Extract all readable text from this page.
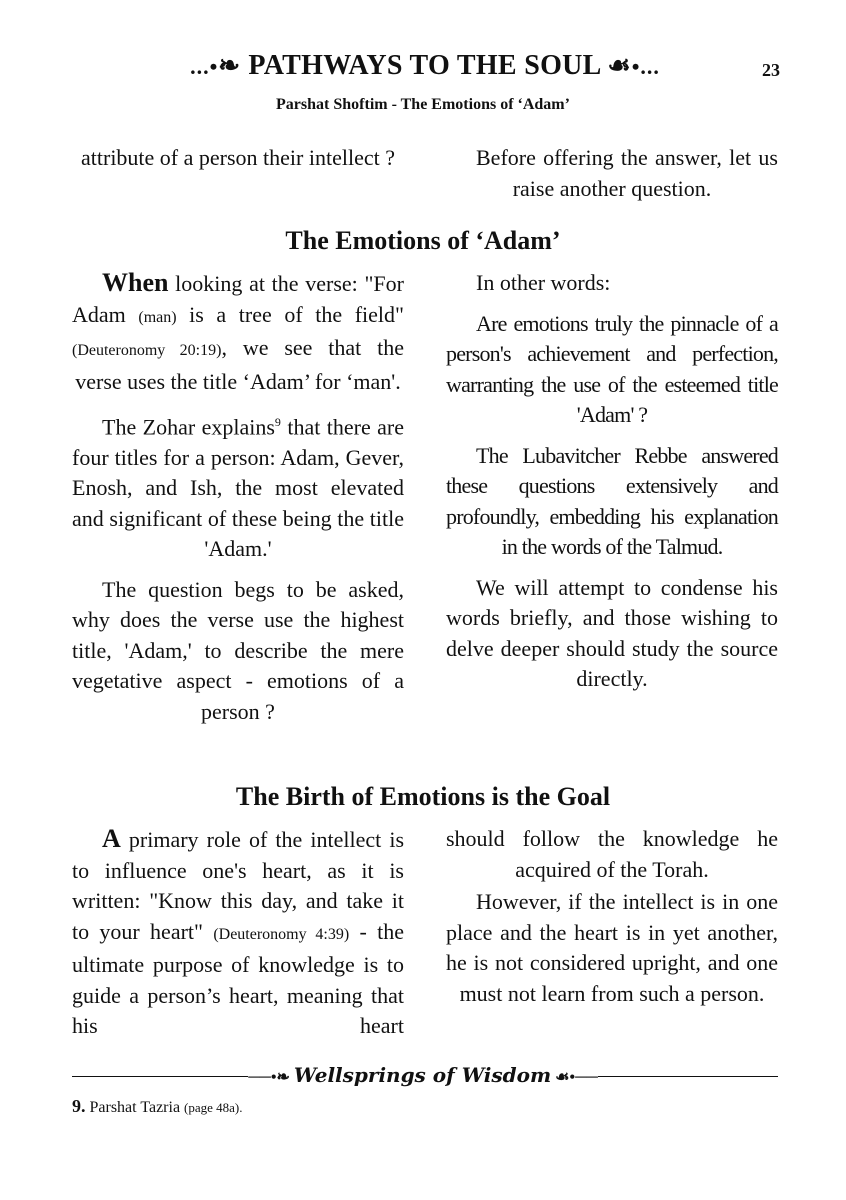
...•❧ PATHWAYS TO THE SOUL ☙•...	23
Parshat Shoftim - The Emotions of ‘Adam’

attribute of a person their intellect ?	Before offering the answer, let us raise another question.

The Emotions of ‘Adam’

When looking at the verse: "For Adam (man) is a tree of the field" (Deuteronomy 20:19), we see that the verse uses the title ‘Adam’ for ‘man'.

The Zohar explains$^9$ that there are four titles for a person: Adam, Gever, Enosh, and Ish, the most elevated and significant of these being the title 'Adam.'

The question begs to be asked, why does the verse use the highest title, 'Adam,' to describe the mere vegetative aspect - emotions of a person ?

In other words:

Are emotions truly the pinnacle of a person's achievement and perfection, warranting the use of the esteemed title 'Adam' ?

The Lubavitcher Rebbe answered these questions extensively and profoundly, embedding his explanation in the words of the Talmud.

We will attempt to condense his words briefly, and those wishing to delve deeper should study the source directly.

The Birth of Emotions is the Goal

A primary role of the intellect is to influence one's heart, as it is written: "Know this day, and take it to your heart" (Deuteronomy 4:39) - the ultimate purpose of knowledge is to guide a person’s heart, meaning that his heart

should follow the knowledge he acquired of the Torah.

However, if the intellect is in one place and the heart is in yet another, he is not considered upright, and one must not learn from such a person.

──•❧ Wellsprings of Wisdom ☙•──
9. Parshat Tazria (page 48a).
